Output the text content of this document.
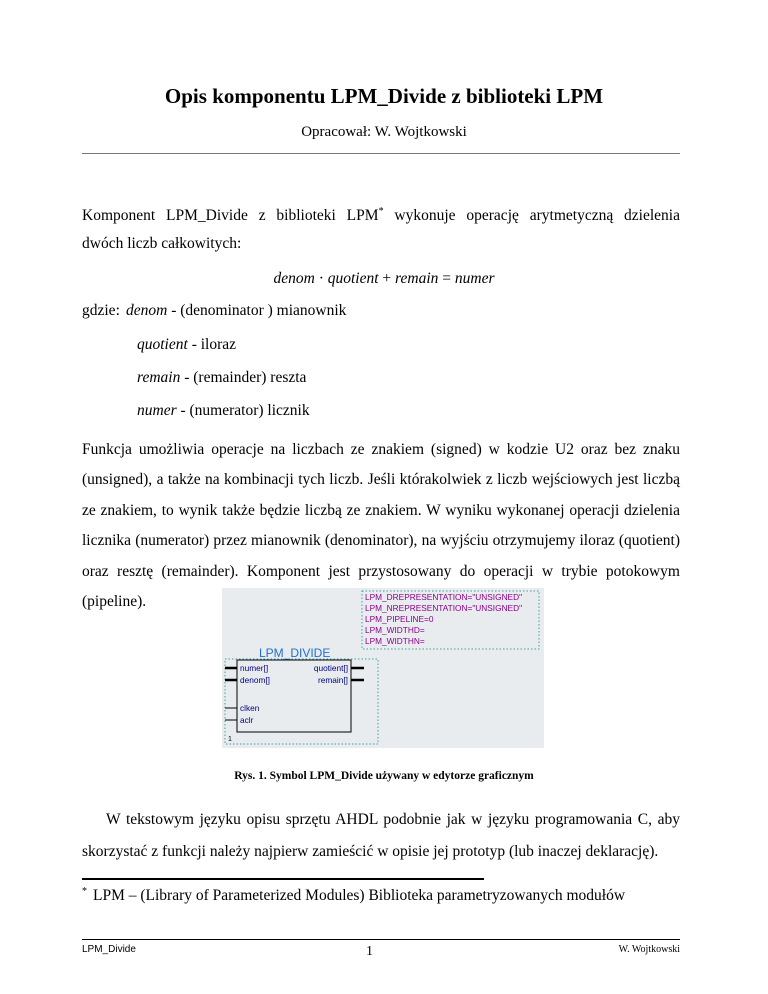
Opis komponentu LPM_Divide z biblioteki LPM
Opracował: W. Wojtkowski
Komponent LPM_Divide z biblioteki LPM* wykonuje operację arytmetyczną dzielenia
dwóch liczb całkowitych:
denom · quotient + remain = numer
gdzie: denom - (denominator ) mianownik
quotient - iloraz
remain - (remainder) reszta
numer - (numerator) licznik
Funkcja umożliwia operacje na liczbach ze znakiem (signed) w kodzie U2 oraz bez znaku (unsigned), a także na kombinacji tych liczb. Jeśli którakolwiek z liczb wejściowych jest liczbą ze znakiem, to wynik także będzie liczbą ze znakiem. W wyniku wykonanej operacji dzielenia licznika (numerator) przez mianownik (denominator), na wyjściu otrzymujemy iloraz (quotient) oraz resztę (remainder). Komponent jest przystosowany do operacji w trybie potokowym (pipeline).	LPM_DREPRESENTATION="UNSIGNED"
LPM_NREPRESENTATION="UNSIGNED"
LPM_PIPELINE=0
LPM_WIDTHD=
LPM_WIDTHN=
LPM_DIVIDE
numer[]
denom[]
clken
aclr
quotient[]
remain[]
1
Rys. 1. Symbol LPM_Divide używany w edytorze graficznym
W tekstowym języku opisu sprzętu AHDL podobnie jak w języku programowania C, aby skorzystać z funkcji należy najpierw zamieścić w opisie jej prototyp (lub inaczej deklarację).
* LPM – (Library of Parameterized Modules) Biblioteka parametryzowanych modułów
LPM_Divide	1	W. Wojtkowski
